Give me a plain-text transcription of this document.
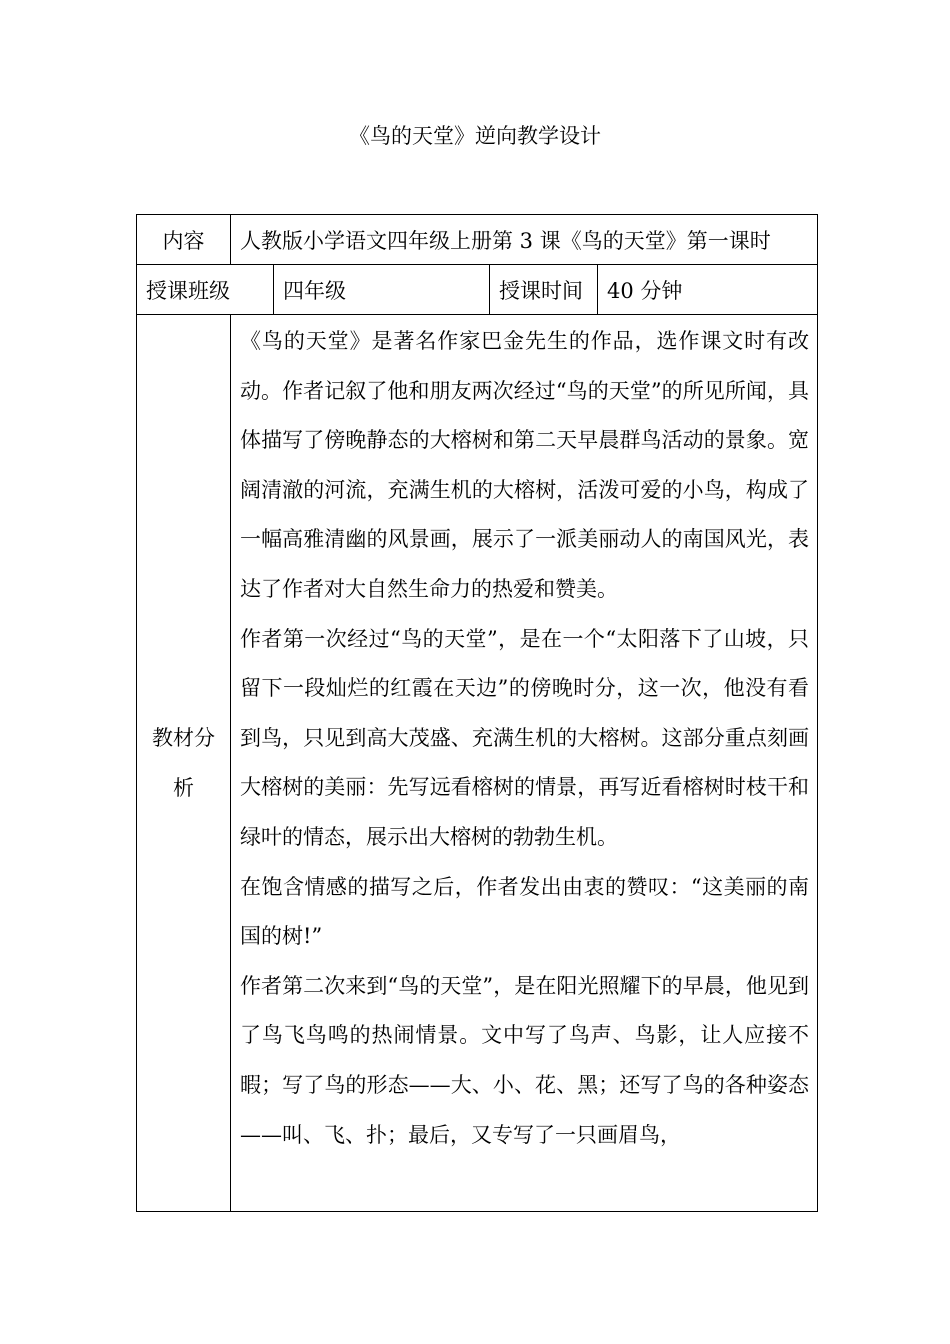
《鸟的天堂》逆向教学设计
内容	人教版小学语文四年级上册第 3 课《鸟的天堂》第一课时			
授课班级		四年级	授课时间	40 分钟
教材分析	《鸟的天堂》是著名作家巴金先生的作品，选作课文时有改动。作者记叙了他和朋友两次经过“鸟的天堂”的所见所闻，具体描写了傍晚静态的大榕树和第二天早晨群鸟活动的景象。宽阔清澈的河流，充满生机的大榕树，活泼可爱的小鸟，构成了一幅高雅清幽的风景画，展示了一派美丽动人的南国风光，表达了作者对大自然生命力的热爱和赞美。

作者第一次经过“鸟的天堂”，是在一个“太阳落下了山坡，只留下一段灿烂的红霞在天边”的傍晚时分，这一次，他没有看到鸟，只见到高大茂盛、充满生机的大榕树。这部分重点刻画大榕树的美丽：先写远看榕树的情景，再写近看榕树时枝干和绿叶的情态，展示出大榕树的勃勃生机。

在饱含情感的描写之后，作者发出由衷的赞叹：“这美丽的南国的树!”

作者第二次来到“鸟的天堂”，是在阳光照耀下的早晨，他见到了鸟飞鸟鸣的热闹情景。文中写了鸟声、鸟影，让人应接不暇；写了鸟的形态——大、小、花、黑；还写了鸟的各种姿态——叫、飞、扑；最后，又专写了一只画眉鸟，			
